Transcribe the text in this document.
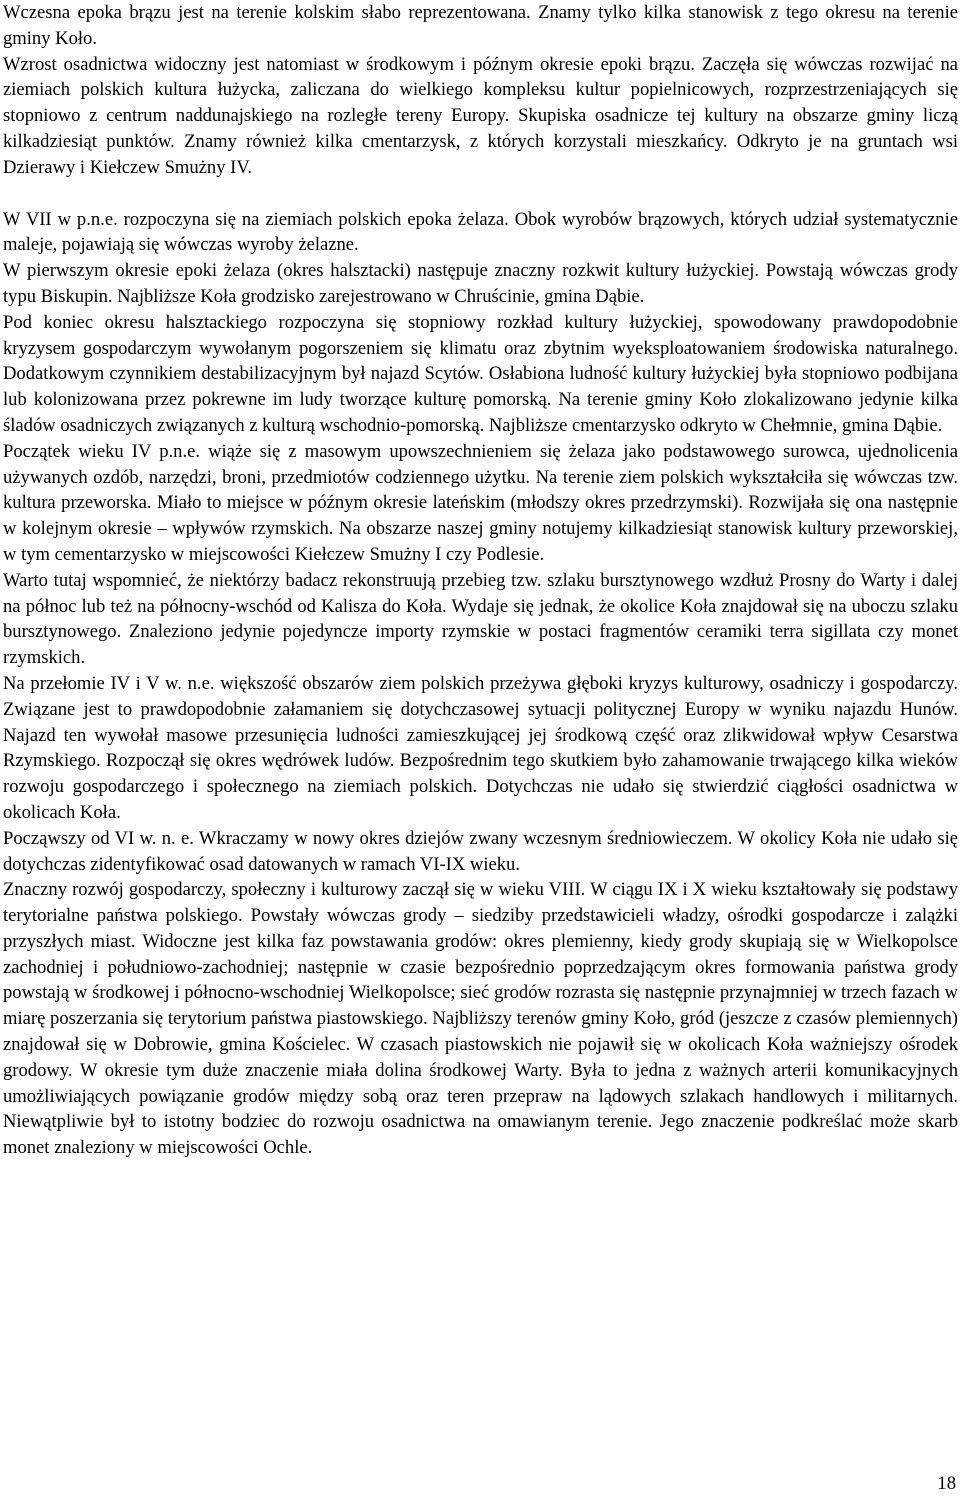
Wczesna epoka brązu jest na terenie kolskim słabo reprezentowana. Znamy tylko kilka stanowisk z tego okresu na terenie gminy Koło.

Wzrost osadnictwa widoczny jest natomiast w środkowym i późnym okresie epoki brązu. Zaczęła się wówczas rozwijać na ziemiach polskich kultura łużycka, zaliczana do wielkiego kompleksu kultur popielnicowych, rozprzestrzeniających się stopniowo z centrum naddunajskiego na rozległe tereny Europy. Skupiska osadnicze tej kultury na obszarze gminy liczą kilkadziesiąt punktów. Znamy również kilka cmentarzysk, z których korzystali mieszkańcy. Odkryto je na gruntach wsi Dzierawy i Kiełczew Smużny IV.

W VII w p.n.e. rozpoczyna się na ziemiach polskich epoka żelaza. Obok wyrobów brązowych, których udział systematycznie maleje, pojawiają się wówczas wyroby żelazne.

W pierwszym okresie epoki żelaza (okres halsztacki) następuje znaczny rozkwit kultury łużyckiej. Powstają wówczas grody typu Biskupin. Najbliższe Koła grodzisko zarejestrowano w Chruścinie, gmina Dąbie.

Pod koniec okresu halsztackiego rozpoczyna się stopniowy rozkład kultury łużyckiej, spowodowany prawdopodobnie kryzysem gospodarczym wywołanym pogorszeniem się klimatu oraz zbytnim wyeksploatowaniem środowiska naturalnego. Dodatkowym czynnikiem destabilizacyjnym był najazd Scytów. Osłabiona ludność kultury łużyckiej była stopniowo podbijana lub kolonizowana przez pokrewne im ludy tworzące kulturę pomorską. Na terenie gminy Koło zlokalizowano jedynie kilka śladów osadniczych związanych z kulturą wschodnio-pomorską. Najbliższe cmentarzysko odkryto w Chełmnie, gmina Dąbie.

Początek wieku IV p.n.e. wiąże się z masowym upowszechnieniem się żelaza jako podstawowego surowca, ujednolicenia używanych ozdób, narzędzi, broni, przedmiotów codziennego użytku. Na terenie ziem polskich wykształciła się wówczas tzw. kultura przeworska. Miało to miejsce w późnym okresie lateńskim (młodszy okres przedrzymski). Rozwijała się ona następnie w kolejnym okresie – wpływów rzymskich. Na obszarze naszej gminy notujemy kilkadziesiąt stanowisk kultury przeworskiej, w tym cementarzysko w miejscowości Kiełczew Smużny I czy Podlesie.

Warto tutaj wspomnieć, że niektórzy badacz rekonstruują przebieg tzw. szlaku bursztynowego wzdłuż Prosny do Warty i dalej na północ lub też na północny-wschód od Kalisza do Koła. Wydaje się jednak, że okolice Koła znajdował się na uboczu szlaku bursztynowego. Znaleziono jedynie pojedyncze importy rzymskie w postaci fragmentów ceramiki terra sigillata czy monet rzymskich.

Na przełomie IV i V w. n.e. większość obszarów ziem polskich przeżywa głęboki kryzys kulturowy, osadniczy i gospodarczy. Związane jest to prawdopodobnie załamaniem się dotychczasowej sytuacji politycznej Europy w wyniku najazdu Hunów. Najazd ten wywołał masowe przesunięcia ludności zamieszkującej jej środkową część oraz zlikwidował wpływ Cesarstwa Rzymskiego. Rozpoczął się okres wędrówek ludów. Bezpośrednim tego skutkiem było zahamowanie trwającego kilka wieków rozwoju gospodarczego i społecznego na ziemiach polskich. Dotychczas nie udało się stwierdzić ciągłości osadnictwa w okolicach Koła.

Począwszy od VI w. n. e. Wkraczamy w nowy okres dziejów zwany wczesnym średniowieczem. W okolicy Koła nie udało się dotychczas zidentyfikować osad datowanych w ramach VI-IX wieku.

Znaczny rozwój gospodarczy, społeczny i kulturowy zaczął się w wieku VIII. W ciągu IX i X wieku kształtowały się podstawy terytorialne państwa polskiego. Powstały wówczas grody – siedziby przedstawicieli władzy, ośrodki gospodarcze i zalążki przyszłych miast. Widoczne jest kilka faz powstawania grodów: okres plemienny, kiedy grody skupiają się w Wielkopolsce zachodniej i południowo-zachodniej; następnie w czasie bezpośrednio poprzedzającym okres formowania państwa grody powstają w środkowej i północno-wschodniej Wielkopolsce; sieć grodów rozrasta się następnie przynajmniej w trzech fazach w miarę poszerzania się terytorium państwa piastowskiego. Najbliższy terenów gminy Koło, gród (jeszcze z czasów plemiennych) znajdował się w Dobrowie, gmina Kościelec. W czasach piastowskich nie pojawił się w okolicach Koła ważniejszy ośrodek grodowy. W okresie tym duże znaczenie miała dolina środkowej Warty. Była to jedna z ważnych arterii komunikacyjnych umożliwiających powiązanie grodów między sobą oraz teren przepraw na lądowych szlakach handlowych i militarnych. Niewątpliwie był to istotny bodziec do rozwoju osadnictwa na omawianym terenie. Jego znaczenie podkreślać może skarb monet znaleziony w miejscowości Ochle.

18
